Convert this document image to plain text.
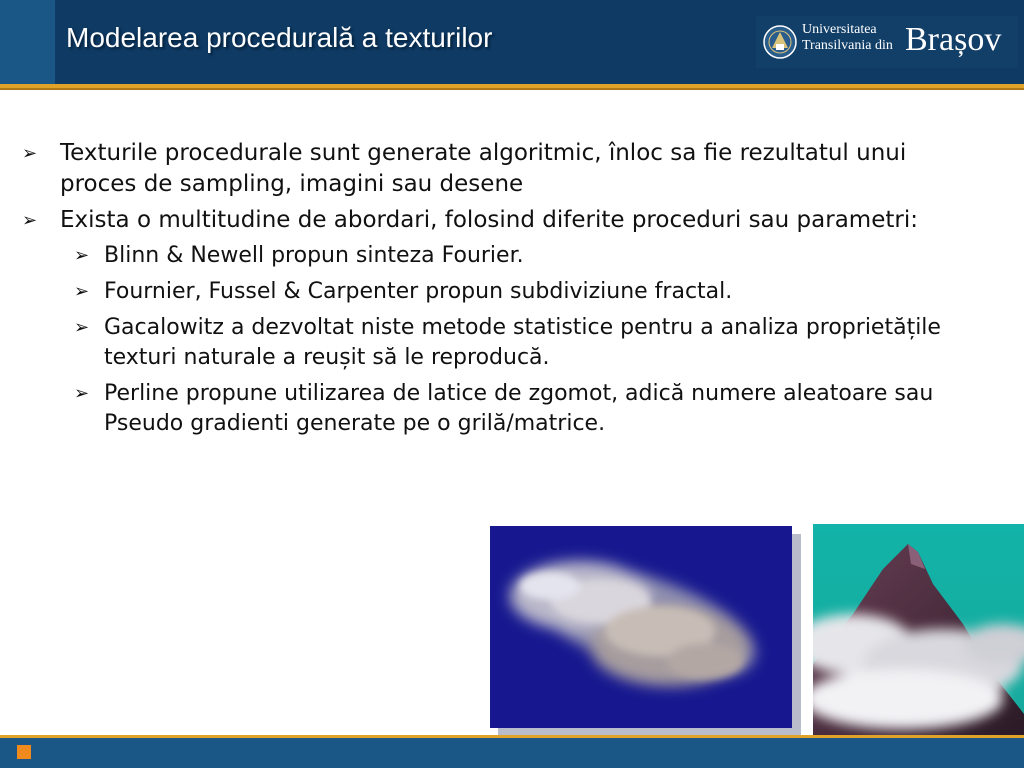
Modelarea procedurală a texturilor	Universitatea
Transilvania din Brașov
➢ Texturile procedurale sunt generate algoritmic, înloc sa fie rezultatul unui proces de sampling, imagini sau desene
➢ Exista o multitudine de abordari, folosind diferite proceduri sau parametri:
➢ Blinn & Newell propun sinteza Fourier.
➢ Fournier, Fussel & Carpenter propun subdiviziune fractal.
➢ Gacalowitz a dezvoltat niste metode statistice pentru a analiza proprietățile texturi naturale a reușit să le reproducă.
➢ Perline propune utilizarea de latice de zgomot, adică numere aleatoare sau Pseudo gradienti generate pe o grilă/matrice.
